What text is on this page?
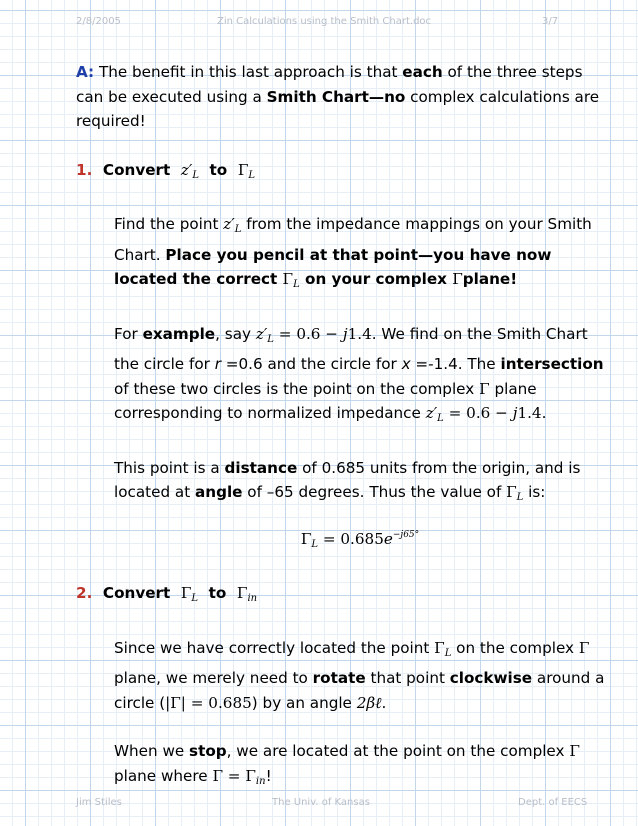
2/8/2005	Zin Calculations using the Smith Chart.doc	3/7

A: The benefit in this last approach is that each of the three steps can be executed using a Smith Chart—no complex calculations are required!

1. Convert $z'_L$ to $\Gamma_L$

Find the point $z'_L$ from the impedance mappings on your Smith Chart. Place you pencil at that point—you have now located the correct $\Gamma_L$ on your complex Γplane!

For example, say $z'_L = 0.6 - j1.4$. We find on the Smith Chart the circle for r =0.6 and the circle for x =-1.4. The intersection of these two circles is the point on the complex Γ plane corresponding to normalized impedance $z'_L = 0.6 - j1.4$.

This point is a distance of 0.685 units from the origin, and is located at angle of –65 degrees. Thus the value of $\Gamma_L$ is:

$\Gamma_L = 0.685e^{-j65^\circ}$

2. Convert $\Gamma_L$ to $\Gamma_{in}$

Since we have correctly located the point $\Gamma_L$ on the complex Γ plane, we merely need to rotate that point clockwise around a circle (|Γ| = 0.685) by an angle 2βℓ.

When we stop, we are located at the point on the complex Γ plane where $\Gamma = \Gamma_{in}$!

Jim Stiles	The Univ. of Kansas	Dept. of EECS
